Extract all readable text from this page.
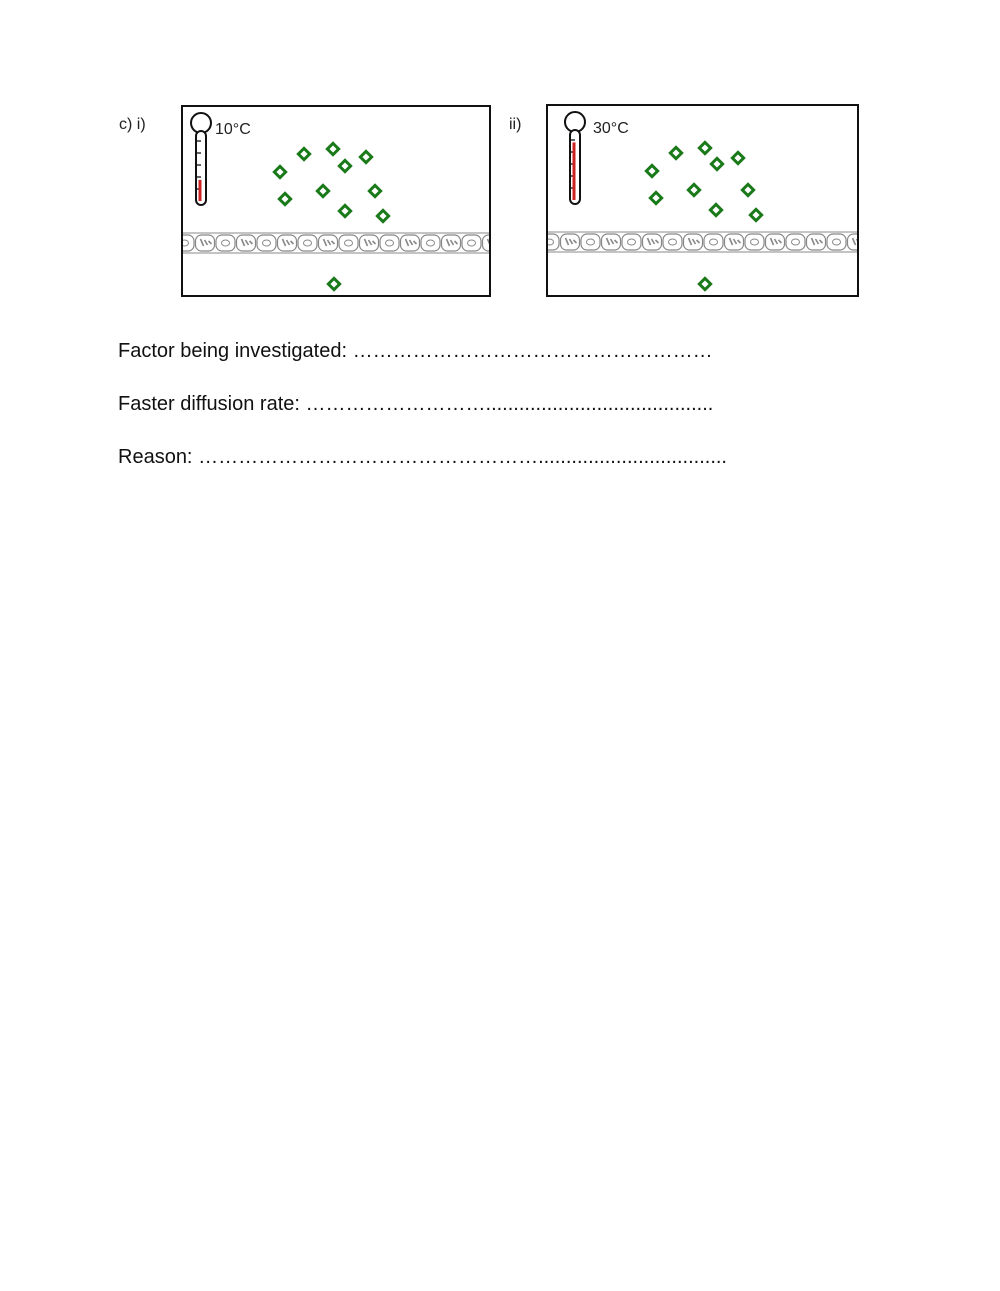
c) i)	ii)
10°C	30°C
Factor being investigated: ………………………………………………
Faster diffusion rate: ……………………….........................................
Reason: ……………………………………………..................................
